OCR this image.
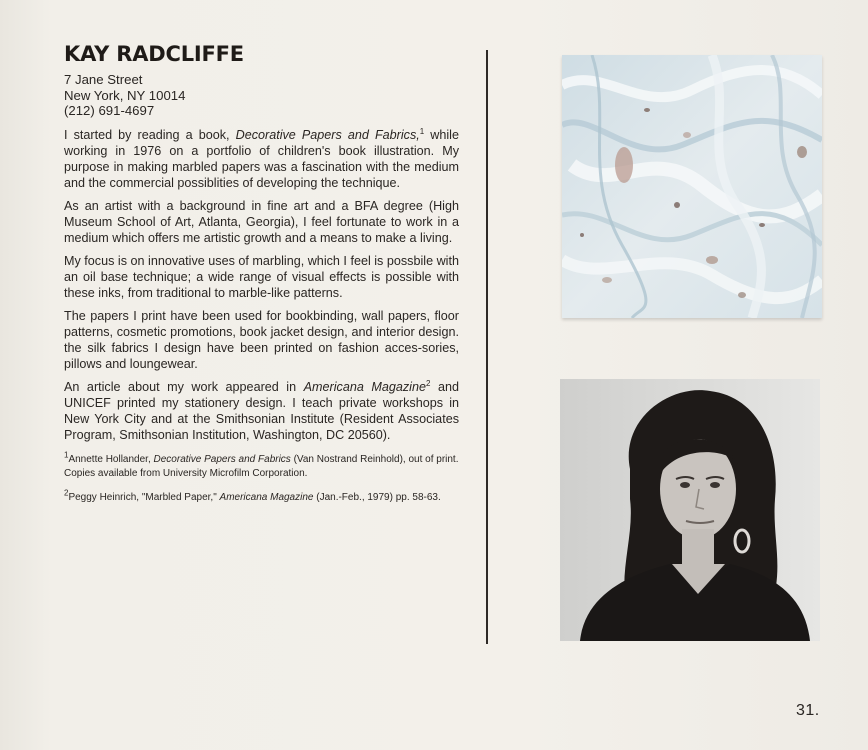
KAY RADCLIFFE
7 Jane Street
New York, NY 10014
(212) 691-4697

I started by reading a book, Decorative Papers and Fabrics,$^1$ while working in 1976 on a portfolio of children's book illustration. My purpose in making marbled papers was a fascination with the medium and the commercial possiblities of developing the technique.

As an artist with a background in fine art and a BFA degree (High Museum School of Art, Atlanta, Georgia), I feel fortunate to work in a medium which offers me artistic growth and a means to make a living.

My focus is on innovative uses of marbling, which I feel is possbile with an oil base technique; a wide range of visual effects is possible with these inks, from traditional to marble-like patterns.

The papers I print have been used for bookbinding, wall papers, floor patterns, cosmetic promotions, book jacket design, and interior design. the silk fabrics I design have been printed on fashion acces-sories, pillows and loungewear.

An article about my work appeared in Americana Magazine$^2$ and UNICEF printed my stationery design. I teach private workshops in New York City and at the Smithsonian Institute (Resident Associates Program, Smithsonian Institution, Washington, DC 20560).

$^1$Annette Hollander, Decorative Papers and Fabrics (Van Nostrand Reinhold), out of print. Copies available from University Microfilm Corporation.

$^2$Peggy Heinrich, "Marbled Paper," Americana Magazine (Jan.-Feb., 1979) pp. 58-63.

31.
